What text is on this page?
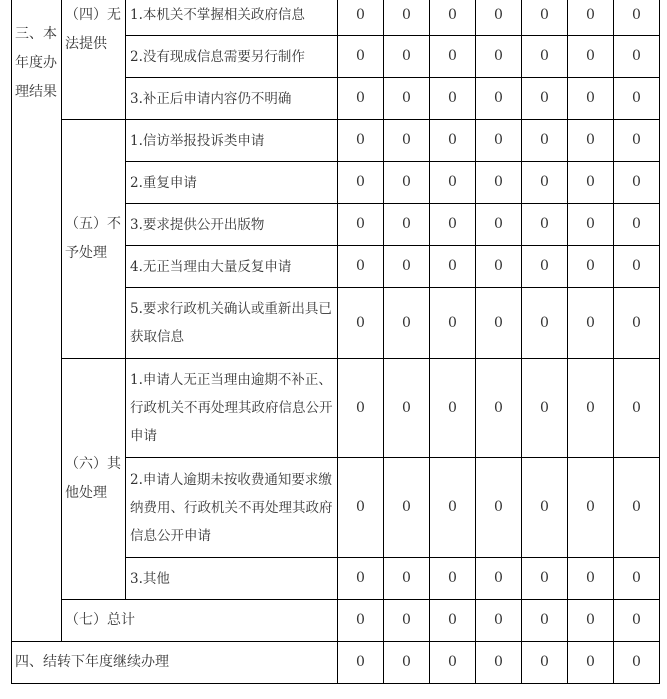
三、本年度办理结果	（四）无法提供	1.本机关不掌握相关政府信息	0	0	0	0	0	0	0
		2.没有现成信息需要另行制作	0	0	0	0	0	0	0
		3.补正后申请内容仍不明确	0	0	0	0	0	0	0
	（五）不予处理	1.信访举报投诉类申请	0	0	0	0	0	0	0
		2.重复申请	0	0	0	0	0	0	0
		3.要求提供公开出版物	0	0	0	0	0	0	0
		4.无正当理由大量反复申请	0	0	0	0	0	0	0
		5.要求行政机关确认或重新出具已获取信息	0	0	0	0	0	0	0
	（六）其他处理	1.申请人无正当理由逾期不补正、行政机关不再处理其政府信息公开申请	0	0	0	0	0	0	0
		2.申请人逾期未按收费通知要求缴纳费用、行政机关不再处理其政府信息公开申请	0	0	0	0	0	0	0
		3.其他	0	0	0	0	0	0	0
	（七）总计		0	0	0	0	0	0	0
四、结转下年度继续办理			0	0	0	0	0	0	0
